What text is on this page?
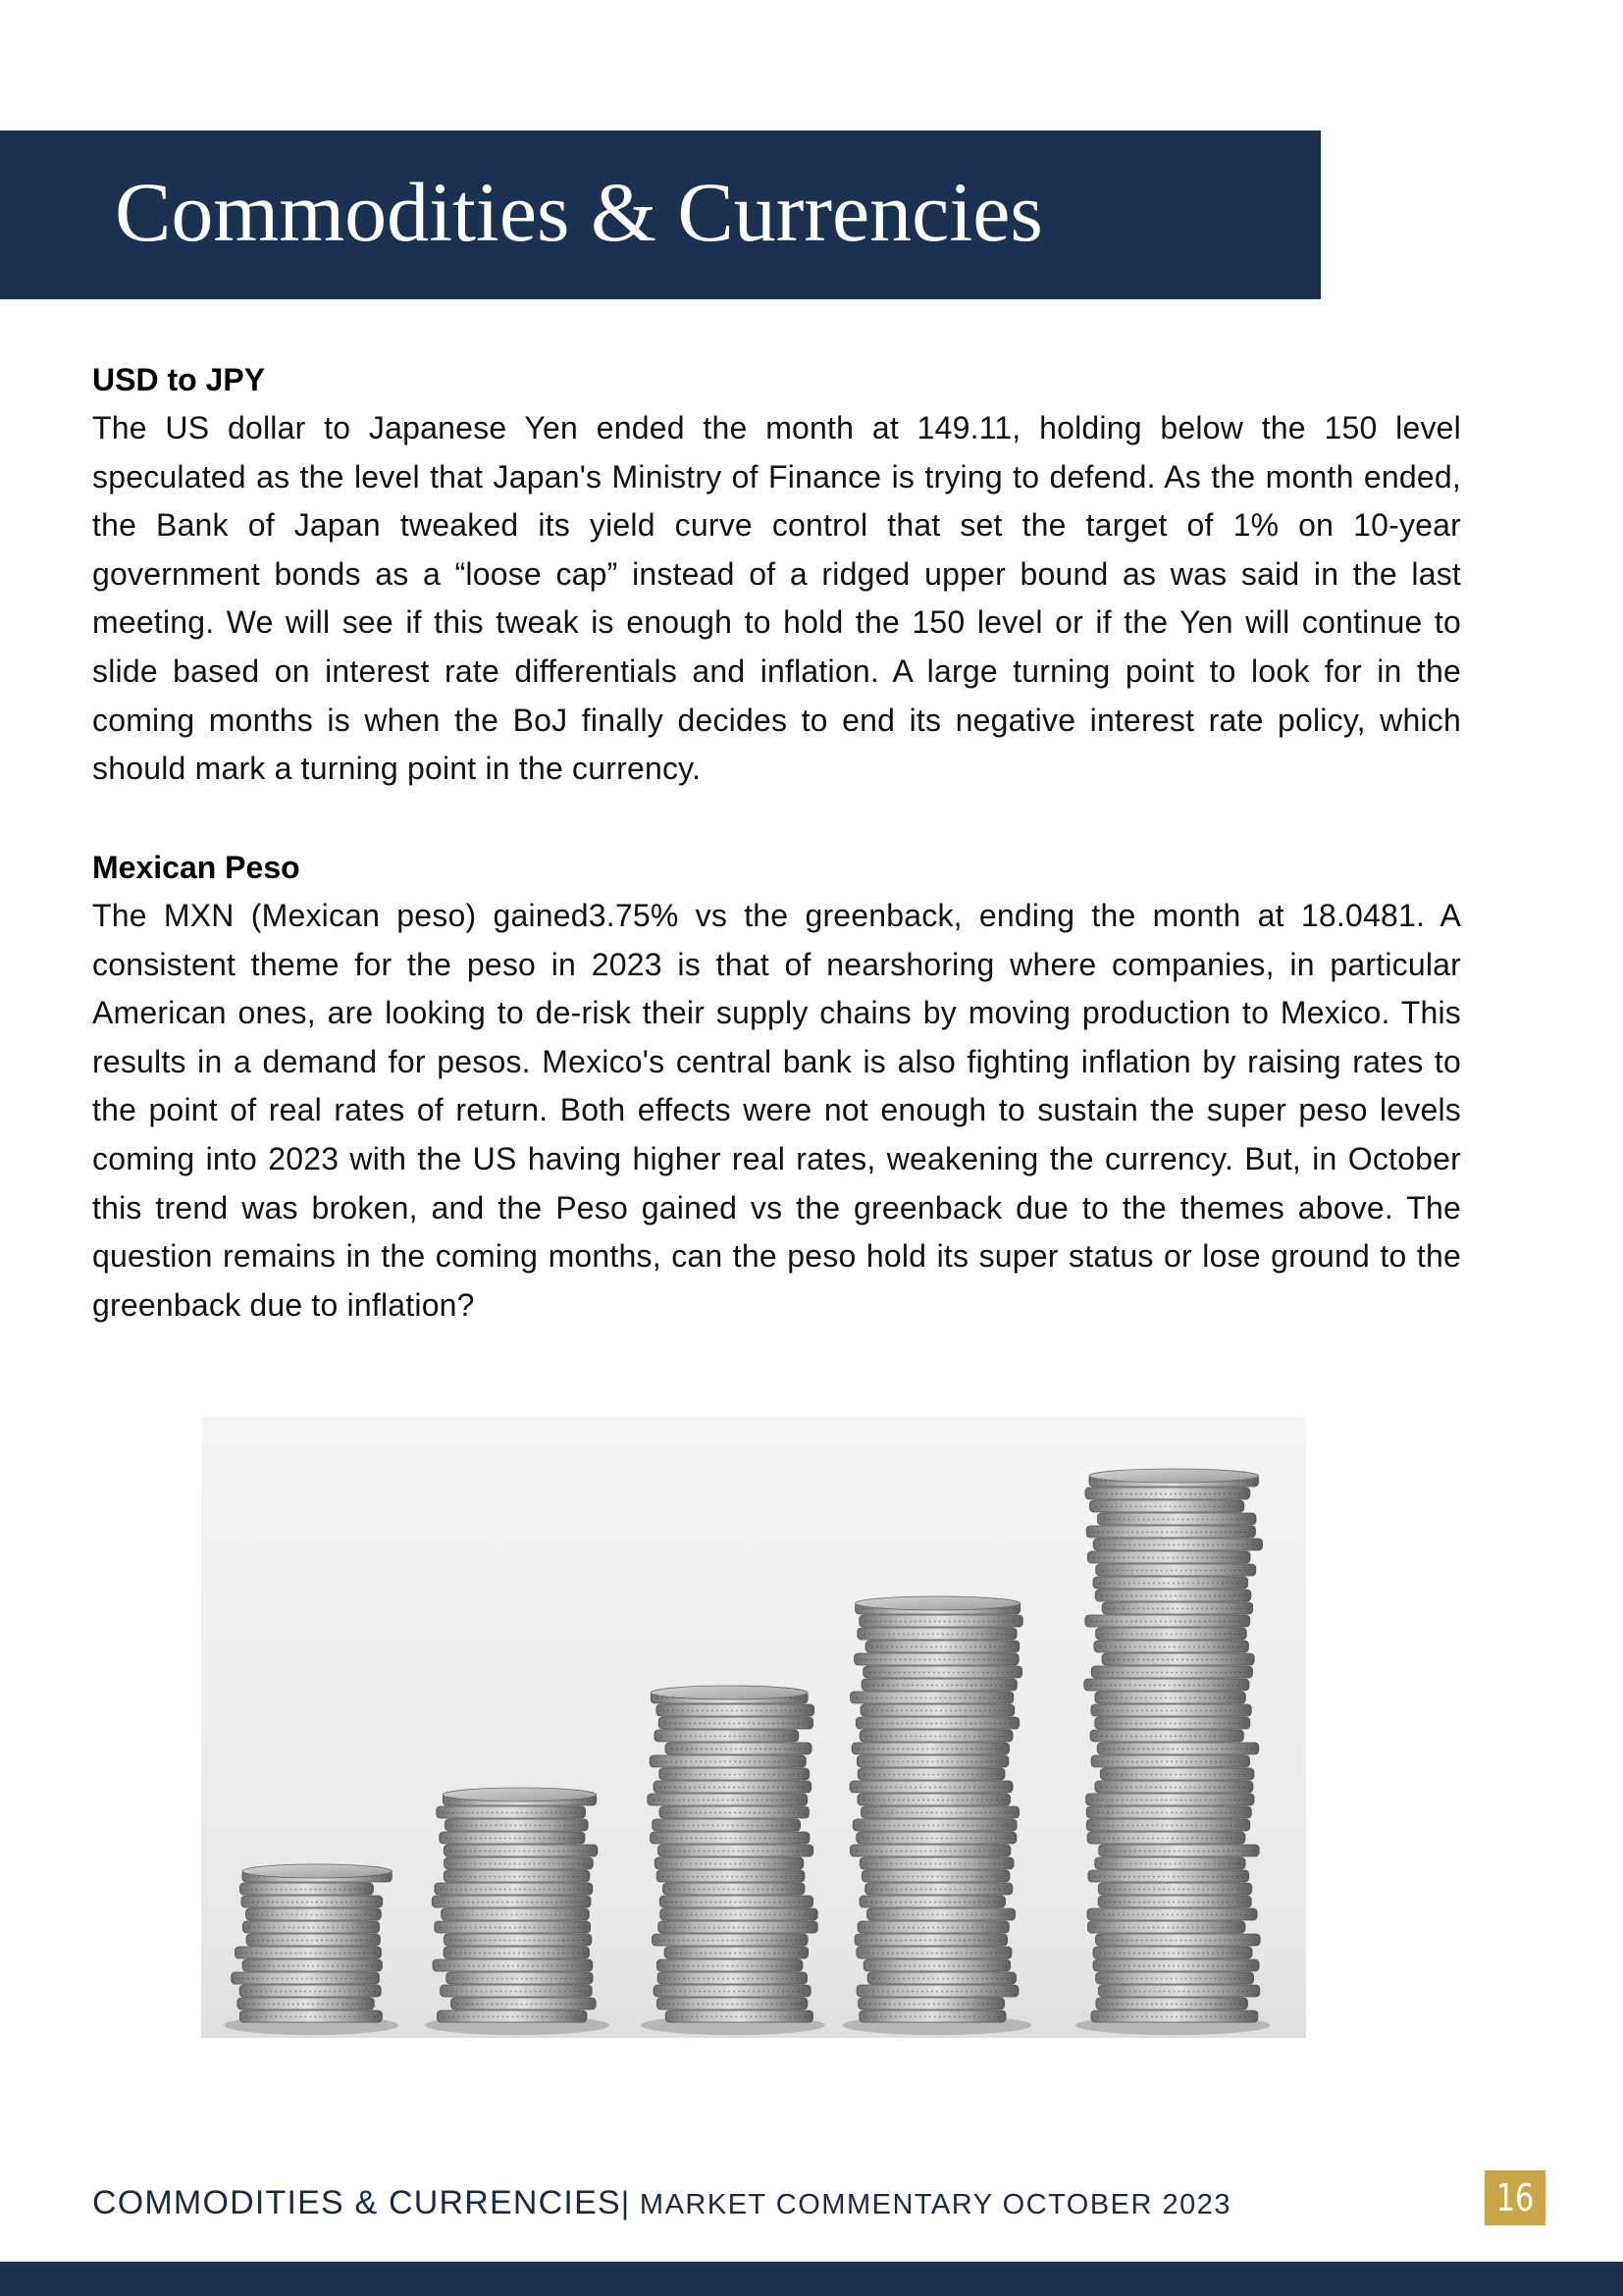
Commodities & Currencies
USD to JPY

The US dollar to Japanese Yen ended the month at 149.11, holding below the 150 level speculated as the level that Japan's Ministry of Finance is trying to defend. As the month ended, the Bank of Japan tweaked its yield curve control that set the target of 1% on 10-year government bonds as a “loose cap” instead of a ridged upper bound as was said in the last meeting. We will see if this tweak is enough to hold the 150 level or if the Yen will continue to slide based on interest rate differentials and inflation. A large turning point to look for in the coming months is when the BoJ finally decides to end its negative interest rate policy, which should mark a turning point in the currency.

Mexican Peso

The MXN (Mexican peso) gained3.75% vs the greenback, ending the month at 18.0481. A consistent theme for the peso in 2023 is that of nearshoring where companies, in particular American ones, are looking to de-risk their supply chains by moving production to Mexico. This results in a demand for pesos. Mexico's central bank is also fighting inflation by raising rates to the point of real rates of return. Both effects were not enough to sustain the super peso levels coming into 2023 with the US having higher real rates, weakening the currency. But, in October this trend was broken, and the Peso gained vs the greenback due to the themes above. The question remains in the coming months, can the peso hold its super status or lose ground to the greenback due to inflation?

COMMODITIES & CURRENCIES| MARKET COMMENTARY OCTOBER 2023	16
